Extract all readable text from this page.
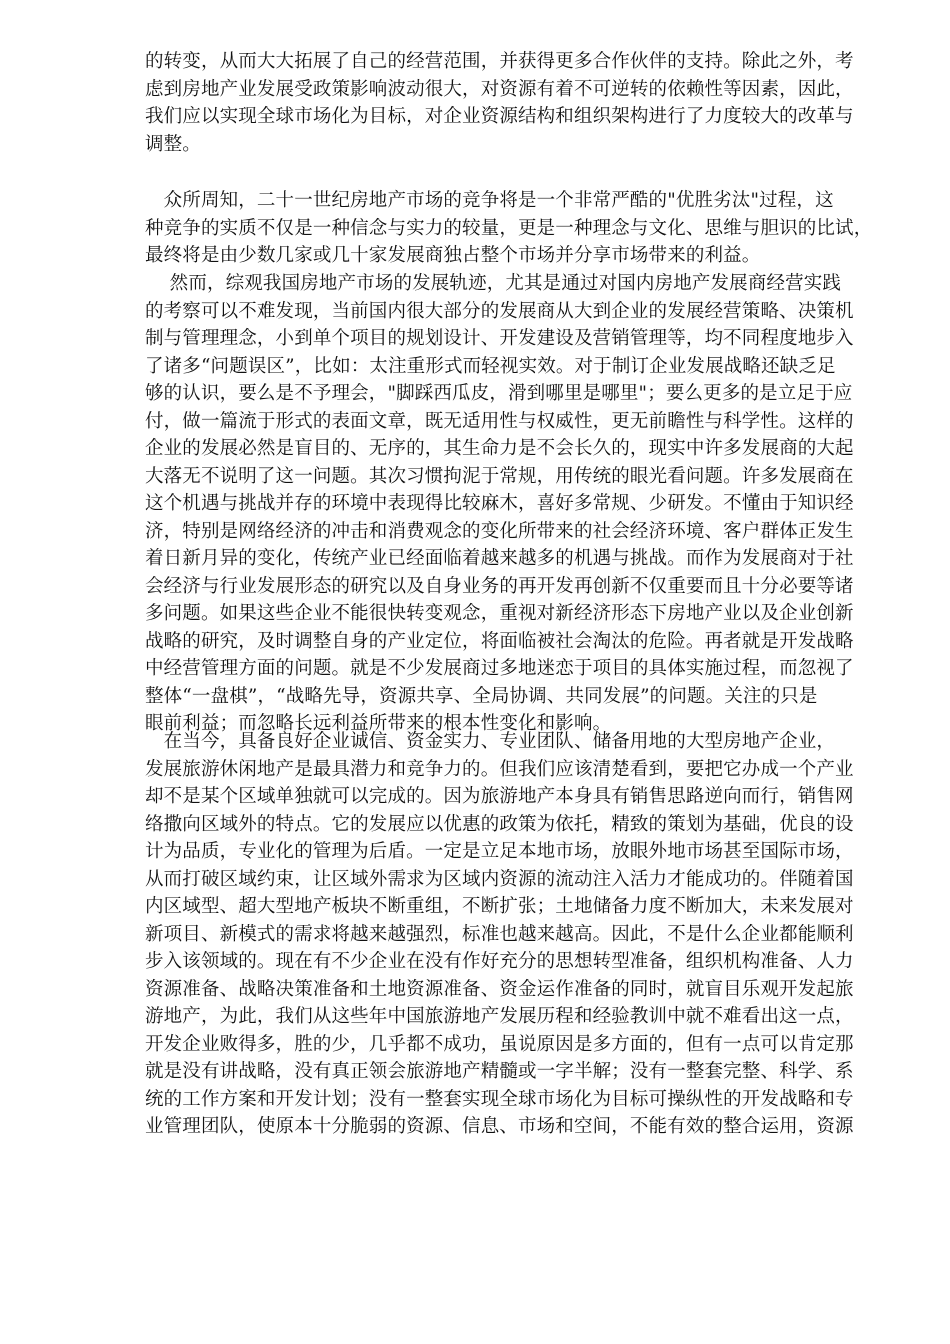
的转变，从而大大拓展了自己的经营范围，并获得更多合作伙伴的支持。除此之外，考
虑到房地产业发展受政策影响波动很大，对资源有着不可逆转的依赖性等因素，因此，
我们应以实现全球市场化为目标，对企业资源结构和组织架构进行了力度较大的改革与
调整。
　众所周知，二十一世纪房地产市场的竞争将是一个非常严酷的"优胜劣汰"过程，这
种竞争的实质不仅是一种信念与实力的较量，更是一种理念与文化、思维与胆识的比试，
最终将是由少数几家或几十家发展商独占整个市场并分享市场带来的利益。
　 然而，综观我国房地产市场的发展轨迹，尤其是通过对国内房地产发展商经营实践
的考察可以不难发现，当前国内很大部分的发展商从大到企业的发展经营策略、决策机
制与管理理念，小到单个项目的规划设计、开发建设及营销管理等，均不同程度地步入
了诸多“问题误区”，比如：太注重形式而轻视实效。对于制订企业发展战略还缺乏足
够的认识，要么是不予理会，"脚踩西瓜皮，滑到哪里是哪里"；要么更多的是立足于应
付，做一篇流于形式的表面文章，既无适用性与权威性，更无前瞻性与科学性。这样的
企业的发展必然是盲目的、无序的，其生命力是不会长久的，现实中许多发展商的大起
大落无不说明了这一问题。其次习惯拘泥于常规，用传统的眼光看问题。许多发展商在
这个机遇与挑战并存的环境中表现得比较麻木，喜好多常规、少研发。不懂由于知识经
济，特别是网络经济的冲击和消费观念的变化所带来的社会经济环境、客户群体正发生
着日新月异的变化，传统产业已经面临着越来越多的机遇与挑战。而作为发展商对于社
会经济与行业发展形态的研究以及自身业务的再开发再创新不仅重要而且十分必要等诸
多问题。如果这些企业不能很快转变观念，重视对新经济形态下房地产业以及企业创新
战略的研究，及时调整自身的产业定位，将面临被社会淘汰的危险。再者就是开发战略
中经营管理方面的问题。就是不少发展商过多地迷恋于项目的具体实施过程，而忽视了
整体“一盘棋”，“战略先导，资源共享、全局协调、共同发展”的问题。关注的只是
眼前利益；而忽略长远利益所带来的根本性变化和影响。
　在当今，具备良好企业诚信、资金实力、专业团队、储备用地的大型房地产企业，
发展旅游休闲地产是最具潜力和竞争力的。但我们应该清楚看到，要把它办成一个产业
却不是某个区域单独就可以完成的。因为旅游地产本身具有销售思路逆向而行，销售网
络撒向区域外的特点。它的发展应以优惠的政策为依托，精致的策划为基础，优良的设
计为品质，专业化的管理为后盾。一定是立足本地市场，放眼外地市场甚至国际市场，
从而打破区域约束，让区域外需求为区域内资源的流动注入活力才能成功的。伴随着国
内区域型、超大型地产板块不断重组，不断扩张；土地储备力度不断加大，未来发展对
新项目、新模式的需求将越来越强烈，标准也越来越高。因此，不是什么企业都能顺利
步入该领域的。现在有不少企业在没有作好充分的思想转型准备，组织机构准备、人力
资源准备、战略决策准备和土地资源准备、资金运作准备的同时，就盲目乐观开发起旅
游地产，为此，我们从这些年中国旅游地产发展历程和经验教训中就不难看出这一点，
开发企业败得多，胜的少，几乎都不成功，虽说原因是多方面的，但有一点可以肯定那
就是没有讲战略，没有真正领会旅游地产精髓或一字半解；没有一整套完整、科学、系
统的工作方案和开发计划；没有一整套实现全球市场化为目标可操纵性的开发战略和专
业管理团队，使原本十分脆弱的资源、信息、市场和空间，不能有效的整合运用，资源
